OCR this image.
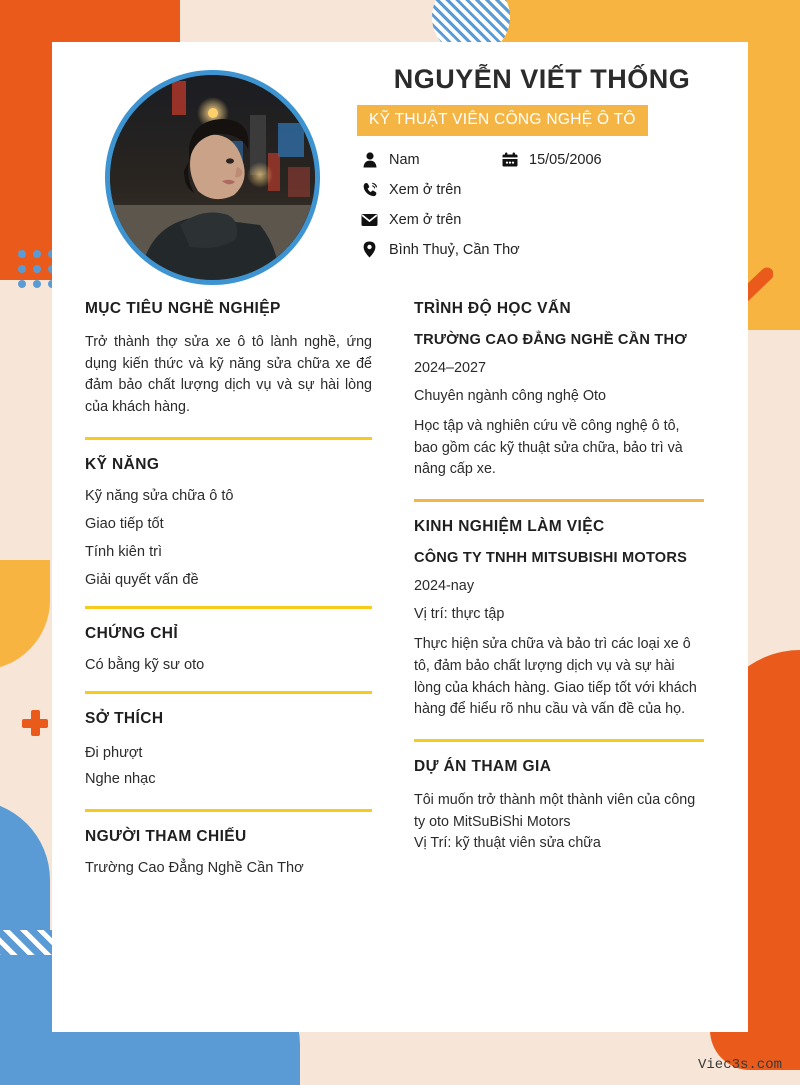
NGUYỄN VIẾT THỐNG
KỸ THUẬT VIÊN CÔNG NGHỆ Ô TÔ
Nam	15/05/2006
Xem ở trên
Xem ở trên
Bình Thuỷ, Cần Thơ
MỤC TIÊU NGHỀ NGHIỆP

Trở thành thợ sửa xe ô tô lành nghề, ứng dụng kiến thức và kỹ năng sửa chữa xe để đảm bảo chất lượng dịch vụ và sự hài lòng của khách hàng.

KỸ NĂNG

Kỹ năng sửa chữa ô tô

Giao tiếp tốt

Tính kiên trì

Giải quyết vấn đề

CHỨNG CHỈ

Có bằng kỹ sư oto

SỞ THÍCH

Đi phượt

Nghe nhạc

NGƯỜI THAM CHIẾU

Trường Cao Đẳng Nghề Cần Thơ

TRÌNH ĐỘ HỌC VẤN

TRƯỜNG CAO ĐẲNG NGHỀ CẦN THƠ

2024–2027

Chuyên ngành công nghệ Oto

Học tập và nghiên cứu về công nghệ ô tô, bao gồm các kỹ thuật sửa chữa, bảo trì và nâng cấp xe.

KINH NGHIỆM LÀM VIỆC

CÔNG TY TNHH MITSUBISHI MOTORS

2024-nay

Vị trí: thực tập

Thực hiện sửa chữa và bảo trì các loại xe ô tô, đảm bảo chất lượng dịch vụ và sự hài lòng của khách hàng. Giao tiếp tốt với khách hàng để hiểu rõ nhu cầu và vấn đề của họ.

DỰ ÁN THAM GIA

Tôi muốn trở thành một thành viên của công ty oto MitSuBiShi Motors

Vị Trí: kỹ thuật viên sửa chữa

Viec3s.com
